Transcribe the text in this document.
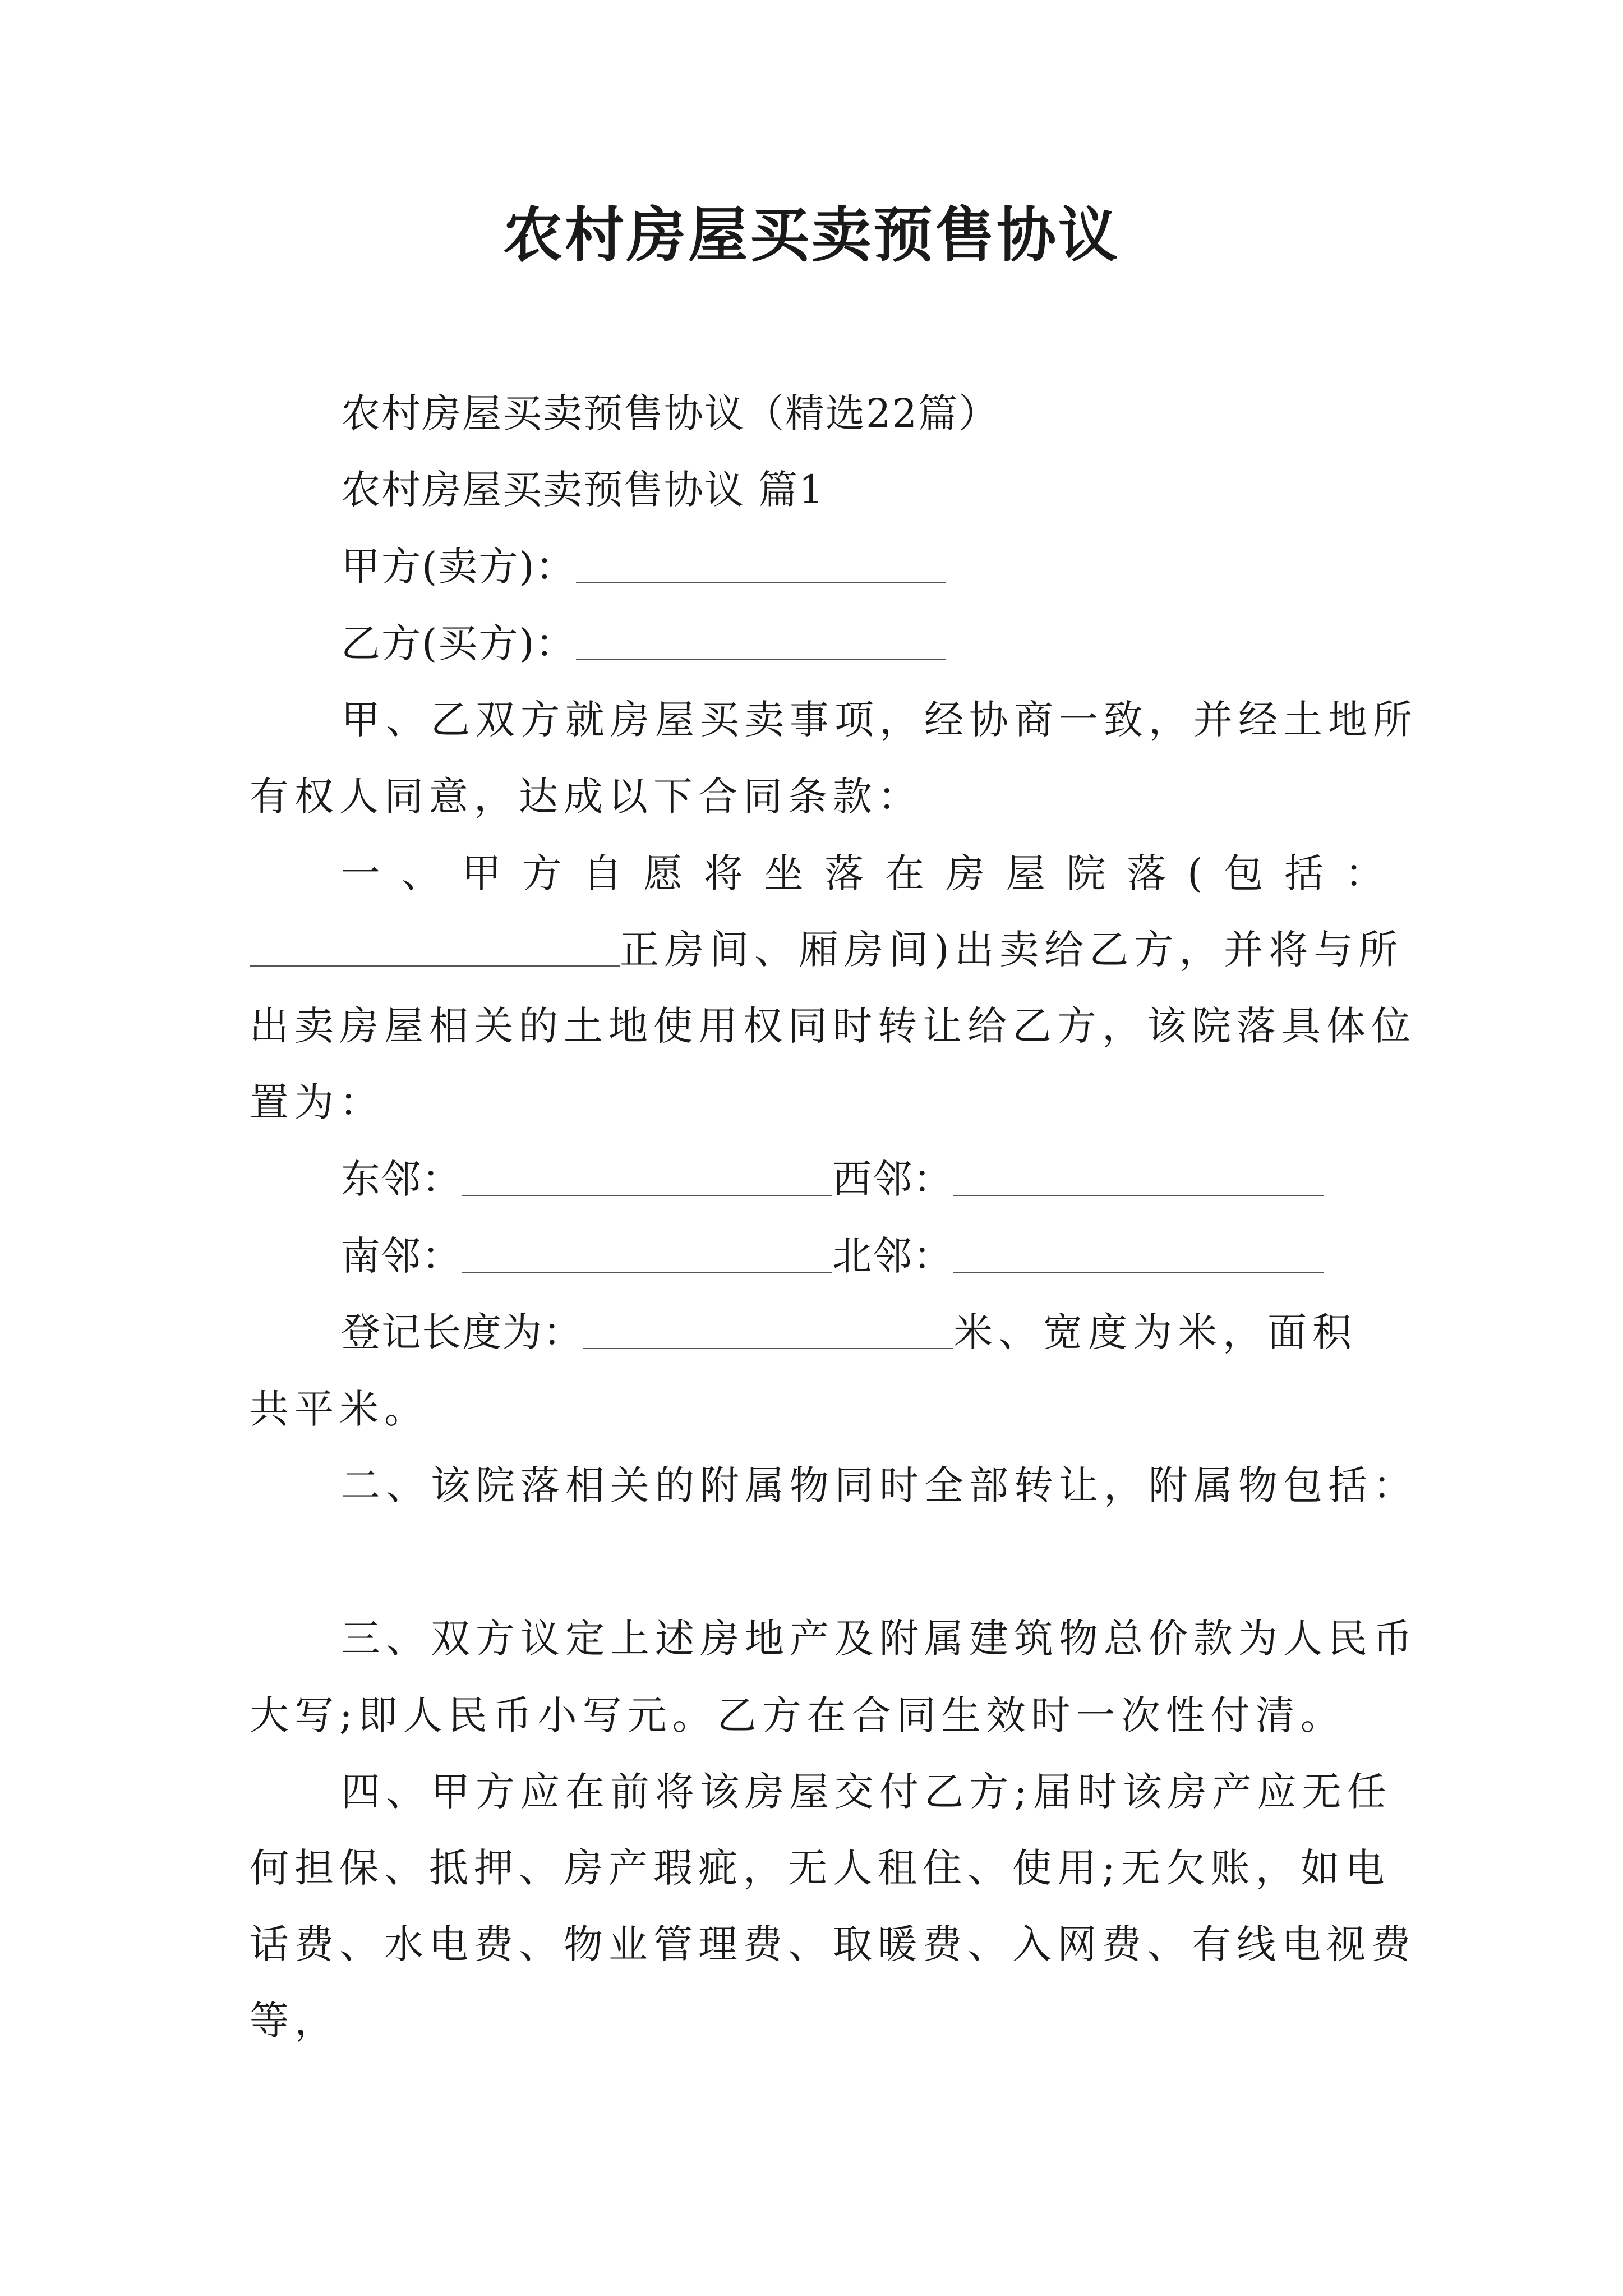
农村房屋买卖预售协议
农村房屋买卖预售协议（精选22篇）
农村房屋买卖预售协议 篇1
甲方(卖方)：
乙方(买方)：
甲、乙双方就房屋买卖事项，经协商一致，并经土地所
有权人同意，达成以下合同条款：
一 、 甲 方 自 愿 将 坐 落 在 房 屋 院 落 ( 包 括 ：
正房间、厢房间)出卖给乙方，并将与所
出卖房屋相关的土地使用权同时转让给乙方，该院落具体位
置为：
东邻：	西邻：
南邻：	北邻：
登记长度为：	米、宽度为米，面积
共平米。
二、该院落相关的附属物同时全部转让，附属物包括：
三、双方议定上述房地产及附属建筑物总价款为人民币
大写;即人民币小写元。乙方在合同生效时一次性付清。
四、甲方应在前将该房屋交付乙方;届时该房产应无任
何担保、抵押、房产瑕疵，无人租住、使用;无欠账，如电
话费、水电费、物业管理费、取暖费、入网费、有线电视费
等，
